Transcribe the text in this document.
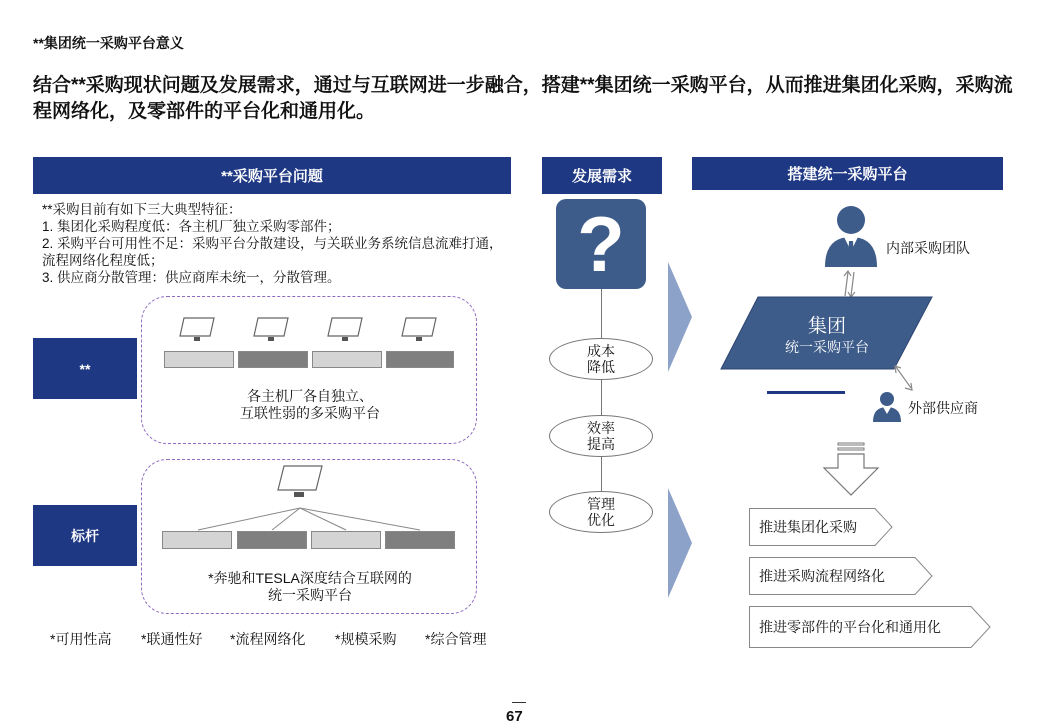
**集团统一采购平台意义
结合**采购现状问题及发展需求，通过与互联网进一步融合，搭建**集团统一采购平台，从而推进集团化采购，采购流程网络化，及零部件的平台化和通用化。
**采购平台问题
**采购目前有如下三大典型特征：
1. 集团化采购程度低：各主机厂独立采购零部件；
2. 采购平台可用性不足：采购平台分散建设，与关联业务系统信息流难打通，流程网络化程度低；
3. 供应商分散管理：供应商库未统一，分散管理。
**
各主机厂各自独立、
互联性弱的多采购平台
标杆
*奔驰和TESLA深度结合互联网的
统一采购平台
*可用性高 *联通性好 *流程网络化 *规模采购 *综合管理
发展需求
?
成本
降低
效率
提高
管理
优化
搭建统一采购平台
内部采购团队
集团
统一采购平台
外部供应商
推进集团化采购
推进采购流程网络化
推进零部件的平台化和通用化
67
